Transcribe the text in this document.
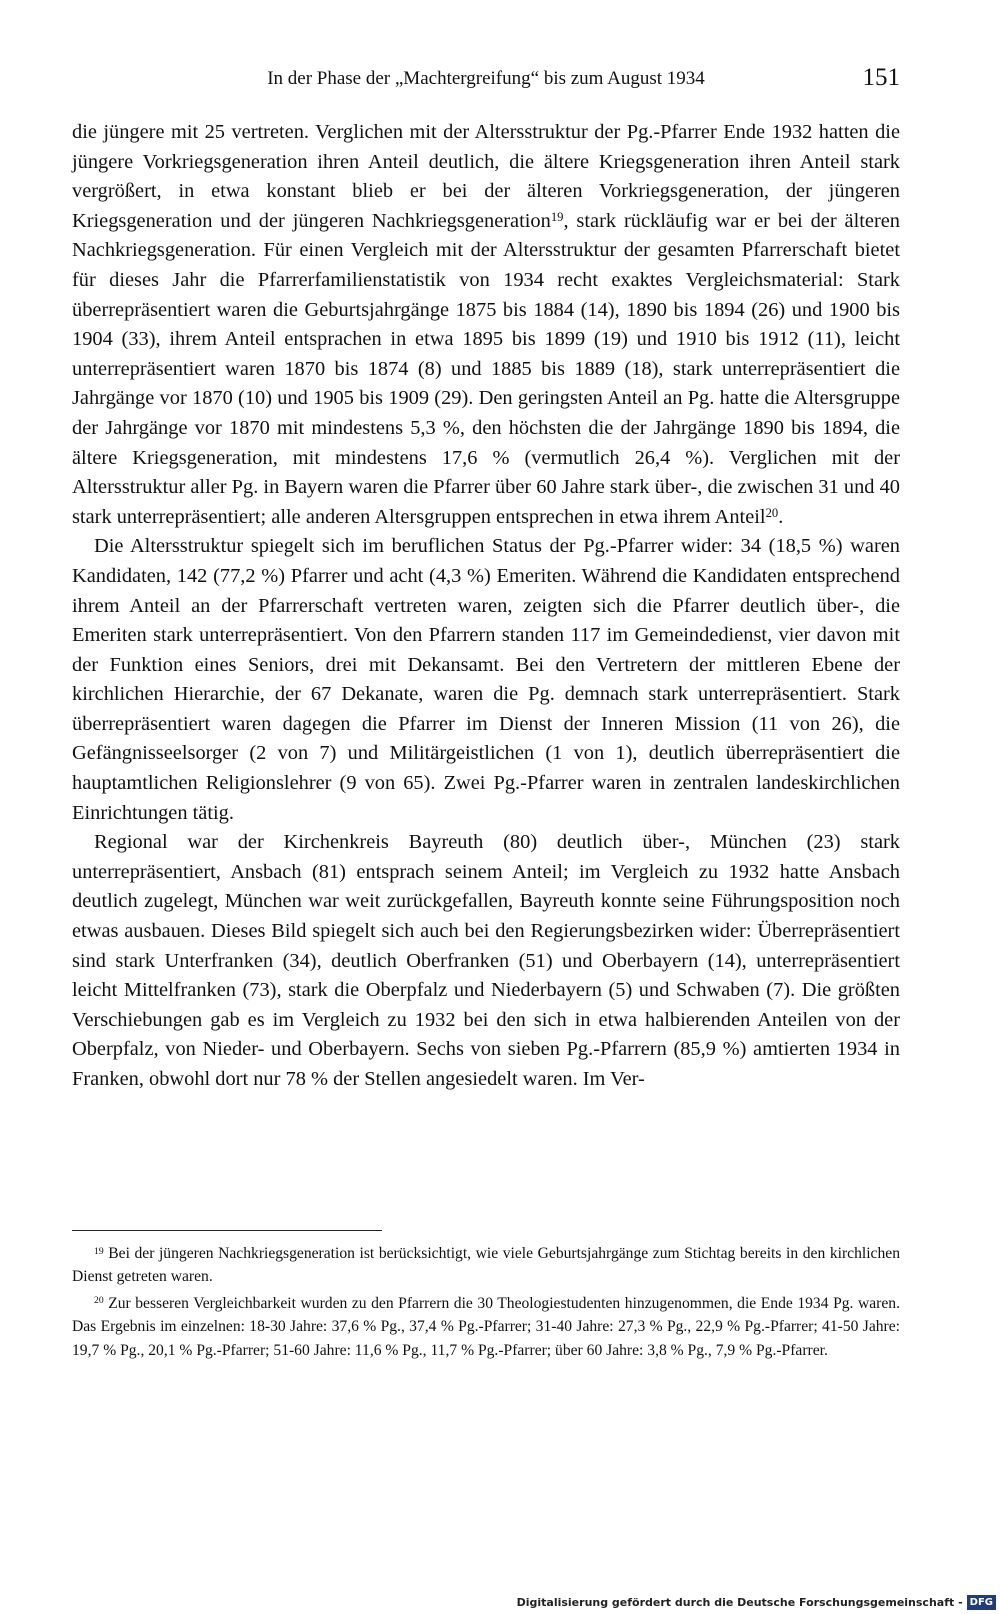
In der Phase der „Machtergreifung“ bis zum August 1934	151

die jüngere mit 25 vertreten. Verglichen mit der Altersstruktur der Pg.-Pfarrer Ende 1932 hatten die jüngere Vorkriegsgeneration ihren Anteil deutlich, die ältere Kriegsgeneration ihren Anteil stark vergrößert, in etwa konstant blieb er bei der älteren Vorkriegsgeneration, der jüngeren Kriegsgeneration und der jüngeren Nachkriegsgeneration$^{19}$, stark rückläufig war er bei der älteren Nachkriegsgeneration. Für einen Vergleich mit der Altersstruktur der gesamten Pfarrerschaft bietet für dieses Jahr die Pfarrerfamilienstatistik von 1934 recht exaktes Vergleichsmaterial: Stark überrepräsentiert waren die Geburtsjahrgänge 1875 bis 1884 (14), 1890 bis 1894 (26) und 1900 bis 1904 (33), ihrem Anteil entsprachen in etwa 1895 bis 1899 (19) und 1910 bis 1912 (11), leicht unterrepräsentiert waren 1870 bis 1874 (8) und 1885 bis 1889 (18), stark unterrepräsentiert die Jahrgänge vor 1870 (10) und 1905 bis 1909 (29). Den geringsten Anteil an Pg. hatte die Altersgruppe der Jahrgänge vor 1870 mit mindestens 5,3 %, den höchsten die der Jahrgänge 1890 bis 1894, die ältere Kriegsgeneration, mit mindestens 17,6 % (vermutlich 26,4 %). Verglichen mit der Altersstruktur aller Pg. in Bayern waren die Pfarrer über 60 Jahre stark über-, die zwischen 31 und 40 stark unterrepräsentiert; alle anderen Altersgruppen entsprechen in etwa ihrem Anteil$^{20}$.

Die Altersstruktur spiegelt sich im beruflichen Status der Pg.-Pfarrer wider: 34 (18,5 %) waren Kandidaten, 142 (77,2 %) Pfarrer und acht (4,3 %) Emeriten. Während die Kandidaten entsprechend ihrem Anteil an der Pfarrerschaft vertreten waren, zeigten sich die Pfarrer deutlich über-, die Emeriten stark unterrepräsentiert. Von den Pfarrern standen 117 im Gemeindedienst, vier davon mit der Funktion eines Seniors, drei mit Dekansamt. Bei den Vertretern der mittleren Ebene der kirchlichen Hierarchie, der 67 Dekanate, waren die Pg. demnach stark unterrepräsentiert. Stark überrepräsentiert waren dagegen die Pfarrer im Dienst der Inneren Mission (11 von 26), die Gefängnisseelsorger (2 von 7) und Militärgeistlichen (1 von 1), deutlich überrepräsentiert die hauptamtlichen Religionslehrer (9 von 65). Zwei Pg.-Pfarrer waren in zentralen landeskirchlichen Einrichtungen tätig.

Regional war der Kirchenkreis Bayreuth (80) deutlich über-, München (23) stark unterrepräsentiert, Ansbach (81) entsprach seinem Anteil; im Vergleich zu 1932 hatte Ansbach deutlich zugelegt, München war weit zurückgefallen, Bayreuth konnte seine Führungsposition noch etwas ausbauen. Dieses Bild spiegelt sich auch bei den Regierungsbezirken wider: Überrepräsentiert sind stark Unterfranken (34), deutlich Oberfranken (51) und Oberbayern (14), unterrepräsentiert leicht Mittelfranken (73), stark die Oberpfalz und Niederbayern (5) und Schwaben (7). Die größten Verschiebungen gab es im Vergleich zu 1932 bei den sich in etwa halbierenden Anteilen von der Oberpfalz, von Nieder- und Oberbayern. Sechs von sieben Pg.-Pfarrern (85,9 %) amtierten 1934 in Franken, obwohl dort nur 78 % der Stellen angesiedelt waren. Im Ver-

$^{19}$ Bei der jüngeren Nachkriegsgeneration ist berücksichtigt, wie viele Geburtsjahrgänge zum Stichtag bereits in den kirchlichen Dienst getreten waren.

$^{20}$ Zur besseren Vergleichbarkeit wurden zu den Pfarrern die 30 Theologiestudenten hinzugenommen, die Ende 1934 Pg. waren. Das Ergebnis im einzelnen: 18-30 Jahre: 37,6 % Pg., 37,4 % Pg.-Pfarrer; 31-40 Jahre: 27,3 % Pg., 22,9 % Pg.-Pfarrer; 41-50 Jahre: 19,7 % Pg., 20,1 % Pg.-Pfarrer; 51-60 Jahre: 11,6 % Pg., 11,7 % Pg.-Pfarrer; über 60 Jahre: 3,8 % Pg., 7,9 % Pg.-Pfarrer.

Digitalisierung gefördert durch die Deutsche Forschungsgemeinschaft - DFG
